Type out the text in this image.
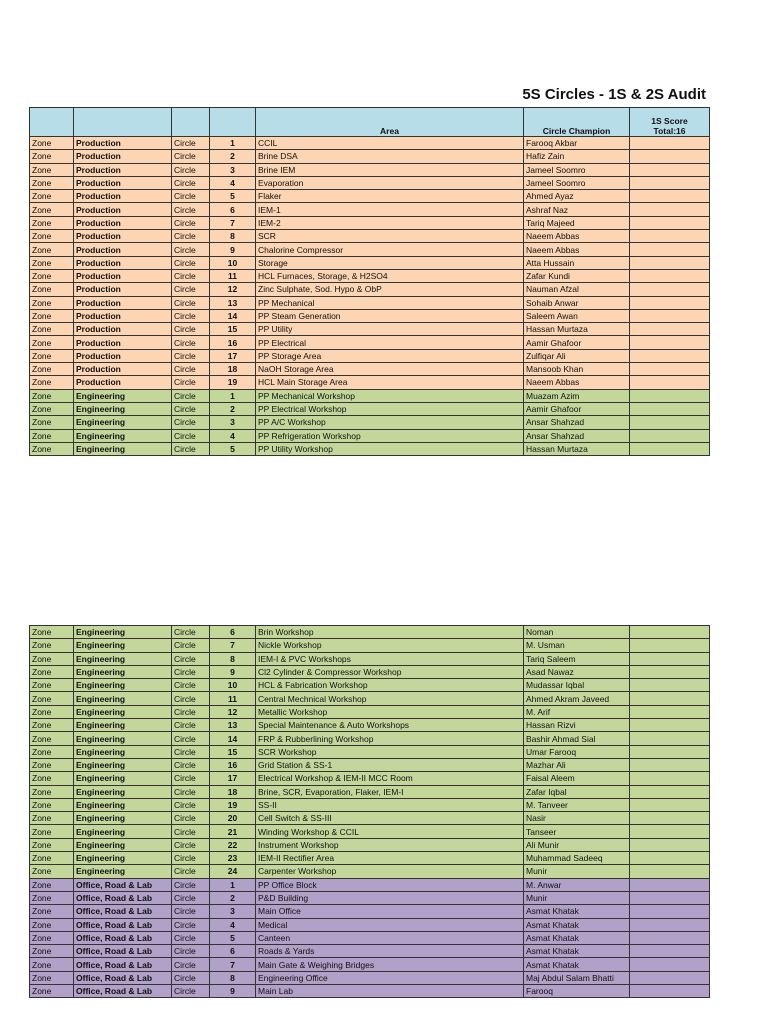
5S Circles - 1S & 2S Audit
				Area	Circle Champion	1S Score
Total:16

Zone	Production	Circle	1	CCIL	Farooq Akbar	
Zone	Production	Circle	2	Brine DSA	Hafiz Zain	
Zone	Production	Circle	3	Brine IEM	Jameel Soomro	
Zone	Production	Circle	4	Evaporation	Jameel Soomro	
Zone	Production	Circle	5	Flaker	Ahmed Ayaz	
Zone	Production	Circle	6	IEM-1	Ashraf Naz	
Zone	Production	Circle	7	IEM-2	Tariq Majeed	
Zone	Production	Circle	8	SCR	Naeem Abbas	
Zone	Production	Circle	9	Chalorine Compressor	Naeem Abbas	
Zone	Production	Circle	10	Storage	Atta Hussain	
Zone	Production	Circle	11	HCL Furnaces, Storage, & H2SO4	Zafar Kundi	
Zone	Production	Circle	12	Zinc Sulphate, Sod. Hypo & ObP	Nauman Afzal	
Zone	Production	Circle	13	PP Mechanical	Sohaib Anwar	
Zone	Production	Circle	14	PP Steam Generation	Saleem Awan	
Zone	Production	Circle	15	PP Utility	Hassan Murtaza	
Zone	Production	Circle	16	PP Electrical	Aamir Ghafoor	
Zone	Production	Circle	17	PP Storage Area	Zulfiqar Ali	
Zone	Production	Circle	18	NaOH Storage Area	Mansoob Khan	
Zone	Production	Circle	19	HCL Main Storage Area	Naeem Abbas	
Zone	Engineering	Circle	1	PP Mechanical Workshop	Muazam Azim	
Zone	Engineering	Circle	2	PP Electrical Workshop	Aamir Ghafoor	
Zone	Engineering	Circle	3	PP A/C Workshop	Ansar Shahzad	
Zone	Engineering	Circle	4	PP Refrigeration Workshop	Ansar Shahzad	
Zone	Engineering	Circle	5	PP Utility Workshop	Hassan Murtaza	
Zone	Engineering	Circle	6	Brin Workshop	Noman	
Zone	Engineering	Circle	7	Nickle Workshop	M. Usman	
Zone	Engineering	Circle	8	IEM-I & PVC Workshops	Tariq Saleem	
Zone	Engineering	Circle	9	Cl2 Cylinder & Compressor Workshop	Asad Nawaz	
Zone	Engineering	Circle	10	HCL & Fabrication Workshop	Mudassar Iqbal	
Zone	Engineering	Circle	11	Central Mechnical Workshop	Ahmed Akram Javeed	
Zone	Engineering	Circle	12	Metallic Workshop	M. Arif	
Zone	Engineering	Circle	13	Special Maintenance & Auto Workshops	Hassan Rizvi	
Zone	Engineering	Circle	14	FRP & Rubberlining Workshop	Bashir Ahmad Sial	
Zone	Engineering	Circle	15	SCR Workshop	Umar Farooq	
Zone	Engineering	Circle	16	Grid Station & SS-1	Mazhar Ali	
Zone	Engineering	Circle	17	Electrical Workshop & IEM-II MCC Room	Faisal Aleem	
Zone	Engineering	Circle	18	Brine, SCR, Evaporation, Flaker, IEM-I	Zafar Iqbal	
Zone	Engineering	Circle	19	SS-II	M. Tanveer	
Zone	Engineering	Circle	20	Cell Switch & SS-III	Nasir	
Zone	Engineering	Circle	21	Winding Workshop & CCIL	Tanseer	
Zone	Engineering	Circle	22	Instrument Workshop	Ali Munir	
Zone	Engineering	Circle	23	IEM-II Rectifier Area	Muhammad Sadeeq	
Zone	Engineering	Circle	24	Carpenter Workshop	Munir	
Zone	Office, Road & Lab	Circle	1	PP Office Block	M. Anwar	
Zone	Office, Road & Lab	Circle	2	P&D Building	Munir	
Zone	Office, Road & Lab	Circle	3	Main Office	Asmat Khatak	
Zone	Office, Road & Lab	Circle	4	Medical	Asmat Khatak	
Zone	Office, Road & Lab	Circle	5	Canteen	Asmat Khatak	
Zone	Office, Road & Lab	Circle	6	Roads & Yards	Asmat Khatak	
Zone	Office, Road & Lab	Circle	7	Main Gate & Weighing Bridges	Asmat Khatak	
Zone	Office, Road & Lab	Circle	8	Engineering Office	Maj Abdul Salam Bhatti	
Zone	Office, Road & Lab	Circle	9	Main Lab	Farooq	
